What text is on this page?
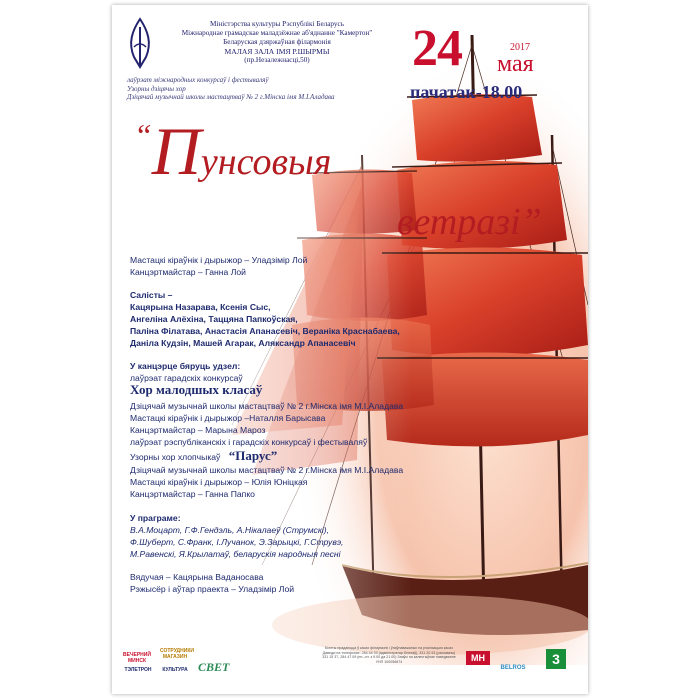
Міністэрства культуры Рэспублікі Беларусь
Міжнароднае грамадскае маладзёжнае аб'яднанне "Камертон"
Беларуская дзяржаўная філармонія
МАЛАЯ ЗАЛА ІМЯ Р.ШЫРМЫ
(пр.Незалежнасці,50)	24	2017
мая
пачатак-18.00
лаўрэат міжнародных конкурсаў і фестываляў
Узорны дзіцячы хор
Дзіцячай музычнай школы мастацтваў № 2 г.Мінска імя М.І.Аладава
“Пунсовыя
ветразі”
Мастацкі кіраўнік і дырыжор – Уладзімір Лой
Канцэртмайстар – Ганна Лой
Салісты –
Кацярына Назарава, Ксенія Сыс,
Ангеліна Алёхіна, Таццяна Папкоўская,
Паліна Філатава, Анастасія Апанасевіч, Вераніка Краснабаева,
Даніла Кудзін, Машей Агарак, Аляксандр Апанасевіч
У канцэрце бяруць удзел:
лаўрэат гарадскіх конкурсаў
Хор малодшых класаў
Дзіцячай музычнай школы мастацтваў № 2 г.Мінска імя М.І.Аладава
Мастацкі кіраўнік і дырыжор –Наталля Барысава
Канцэртмайстар – Марына Мароз
лаўрэат рэспубліканскіх і гарадскіх конкурсаў і фестываляў
Узорны хор хлопчыкаў “Парус”
Дзіцячай музычнай школы мастацтваў № 2 г.Мінска імя М.І.Аладава
Мастацкі кіраўнік і дырыжор – Юлія Юніцкая
Канцэртмайстар – Ганна Папко
У праграме:
В.А.Моцарт, Г.Ф.Гендэль, А.Нікалаеў (Струмскі),
Ф.Шуберт, С.Франк, І.Лучанок, Э.Зарыцкі, Г.Струвэ,
М.Равенскі, Я.Крылатаў, беларускія народныя песні
Вядучая – Кацярына Ваданосава
Рэжысёр і аўтар праекта – Уладзімір Лой
ВЕЧЕРНИЙ МИНСК
СОТРУДНИКИ МАГАЗИН
ТЭЛЕТРОН	КУЛЬТУРА СВЕТ
Білеты прадаюцца ў касах філармоніі і ўпаўнаважаных на рэалізацыю касах
Даведкі па тэлефонах: 284 44 33 (адміністратар білетаў), 331 20 93 (рэкламны)
331 15 37, 284 47 09 (пн.–пт. з 9.00 да 21.00) Заяўкі на калектыўнае наведванне
УНП 100056874	МН
BELROS
3
